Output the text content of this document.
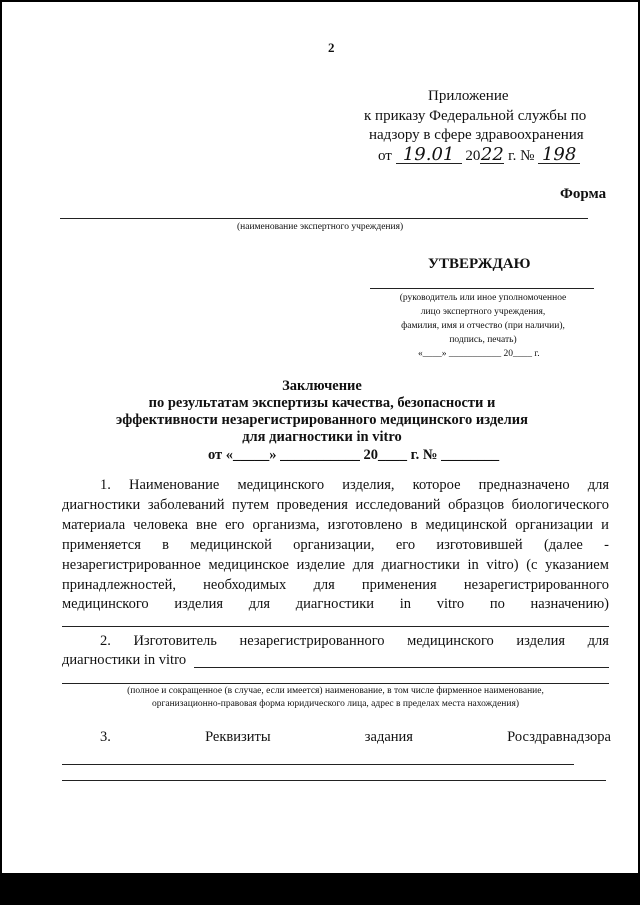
2
Приложение
к приказу Федеральной службы по
надзору в сфере здравоохранения
от 19.01 2022 г. № 198
Форма
(наименование экспертного учреждения)
УТВЕРЖДАЮ
(руководитель или иное уполномоченное
лицо экспертного учреждения,
фамилия, имя и отчество (при наличии),
подпись, печать)
«____» ___________ 20____ г.
Заключение
по результатам экспертизы качества, безопасности и
эффективности незарегистрированного медицинского изделия
для диагностики in vitro
от «_____» ___________ 20____ г. № ________
1. Наименование медицинского изделия, которое предназначено для
диагностики заболеваний путем проведения исследований образцов биологического
материала человека вне его организма, изготовлено в медицинской организации и
применяется в медицинской организации, его изготовившей (далее -
незарегистрированное медицинское изделие для диагностики in vitro) (с указанием
принадлежностей, необходимых для применения незарегистрированного
медицинского изделия для диагностики in vitro по назначению)
2. Изготовитель незарегистрированного медицинского изделия для
диагностики in vitro
(полное и сокращенное (в случае, если имеется) наименование, в том числе фирменное наименование,
организационно-правовая форма юридического лица, адрес в пределах места нахождения)
3.	Реквизиты	задания	Росздравнадзора
